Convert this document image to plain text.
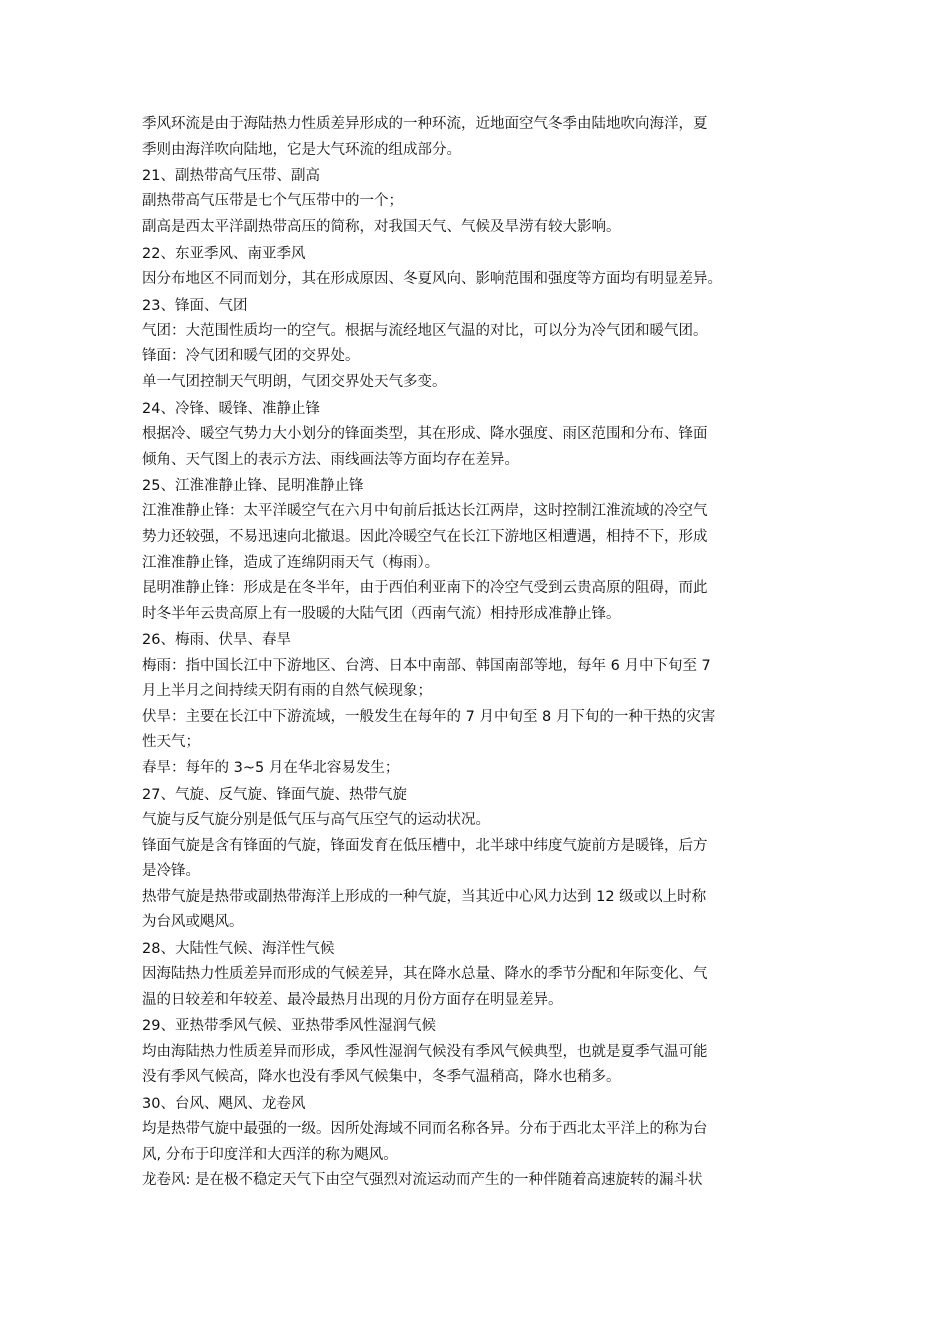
季风环流是由于海陆热力性质差异形成的一种环流，近地面空气冬季由陆地吹向海洋，夏
季则由海洋吹向陆地，它是大气环流的组成部分。
21、副热带高气压带、副高
副热带高气压带是七个气压带中的一个；
副高是西太平洋副热带高压的简称，对我国天气、气候及旱涝有较大影响。
22、东亚季风、南亚季风
因分布地区不同而划分，其在形成原因、冬夏风向、影响范围和强度等方面均有明显差异。
23、锋面、气团
气团：大范围性质均一的空气。根据与流经地区气温的对比，可以分为冷气团和暖气团。
锋面：冷气团和暖气团的交界处。
单一气团控制天气明朗，气团交界处天气多变。
24、冷锋、暖锋、准静止锋
根据冷、暖空气势力大小划分的锋面类型，其在形成、降水强度、雨区范围和分布、锋面
倾角、天气图上的表示方法、雨线画法等方面均存在差异。
25、江淮准静止锋、昆明准静止锋
江淮准静止锋：太平洋暖空气在六月中旬前后抵达长江两岸，这时控制江淮流域的冷空气
势力还较强，不易迅速向北撤退。因此冷暖空气在长江下游地区相遭遇，相持不下，形成
江淮准静止锋，造成了连绵阴雨天气（梅雨）。
昆明准静止锋：形成是在冬半年，由于西伯利亚南下的冷空气受到云贵高原的阻碍，而此
时冬半年云贵高原上有一股暖的大陆气团（西南气流）相持形成准静止锋。
26、梅雨、伏旱、春旱
梅雨：指中国长江中下游地区、台湾、日本中南部、韩国南部等地，每年 6 月中下旬至 7
月上半月之间持续天阴有雨的自然气候现象；
伏旱：主要在长江中下游流域，一般发生在每年的 7 月中旬至 8 月下旬的一种干热的灾害
性天气；
春旱：每年的 3~5 月在华北容易发生；
27、气旋、反气旋、锋面气旋、热带气旋
气旋与反气旋分别是低气压与高气压空气的运动状况。
锋面气旋是含有锋面的气旋，锋面发育在低压槽中，北半球中纬度气旋前方是暖锋，后方
是冷锋。
热带气旋是热带或副热带海洋上形成的一种气旋，当其近中心风力达到 12 级或以上时称
为台风或飓风。
28、大陆性气候、海洋性气候
因海陆热力性质差异而形成的气候差异，其在降水总量、降水的季节分配和年际变化、气
温的日较差和年较差、最冷最热月出现的月份方面存在明显差异。
29、亚热带季风气候、亚热带季风性湿润气候
均由海陆热力性质差异而形成，季风性湿润气候没有季风气候典型，也就是夏季气温可能
没有季风气候高，降水也没有季风气候集中，冬季气温稍高，降水也稍多。
30、台风、飓风、龙卷风
均是热带气旋中最强的一级。因所处海域不同而名称各异。分布于西北太平洋上的称为台
风, 分布于印度洋和大西洋的称为飓风。
龙卷风: 是在极不稳定天气下由空气强烈对流运动而产生的一种伴随着高速旋转的漏斗状
